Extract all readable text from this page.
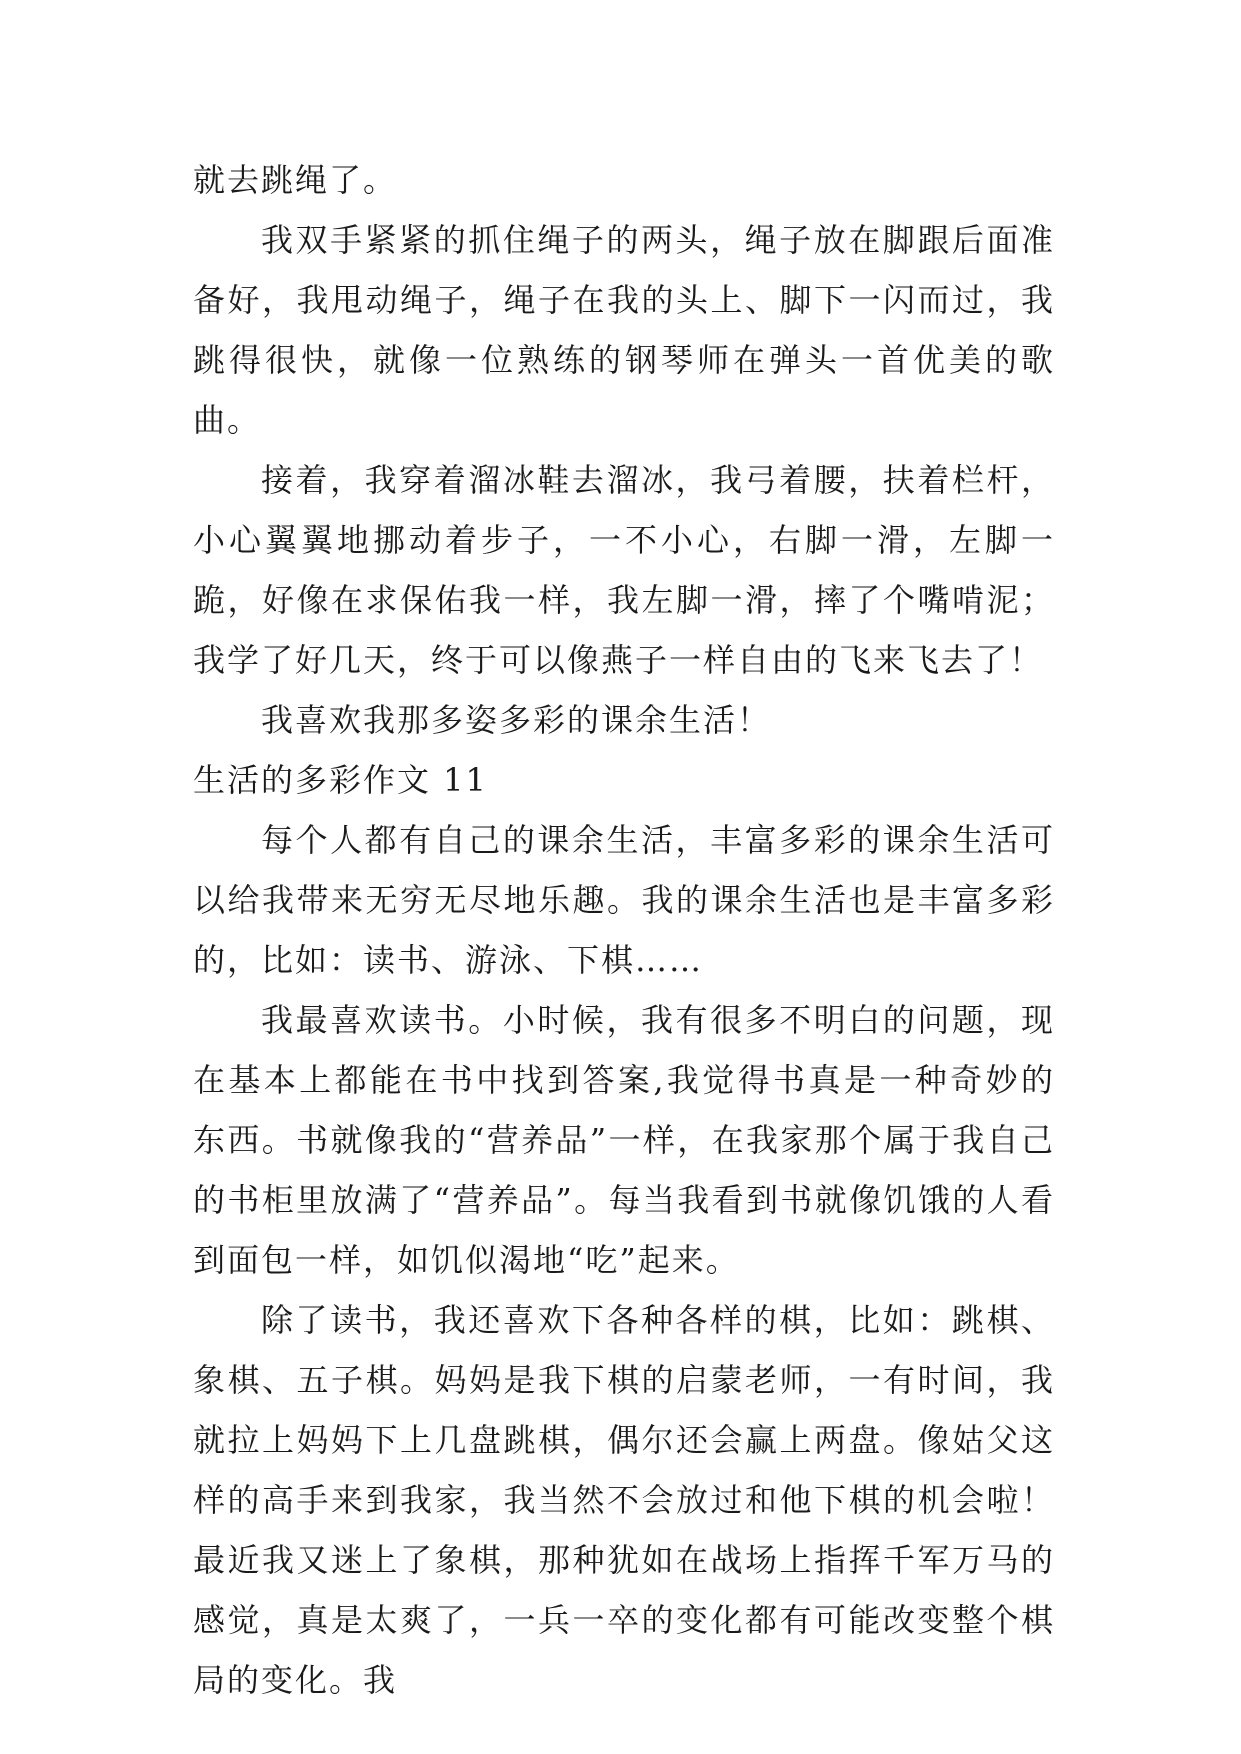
就去跳绳了。

我双手紧紧的抓住绳子的两头，绳子放在脚跟后面准备好，我甩动绳子，绳子在我的头上、脚下一闪而过，我跳得很快，就像一位熟练的钢琴师在弹头一首优美的歌曲。

接着，我穿着溜冰鞋去溜冰，我弓着腰，扶着栏杆，小心翼翼地挪动着步子，一不小心，右脚一滑，左脚一跪，好像在求保佑我一样，我左脚一滑，摔了个嘴啃泥；我学了好几天，终于可以像燕子一样自由的飞来飞去了！

我喜欢我那多姿多彩的课余生活！

生活的多彩作文 11

每个人都有自己的课余生活，丰富多彩的课余生活可以给我带来无穷无尽地乐趣。我的课余生活也是丰富多彩的，比如：读书、游泳、下棋……

我最喜欢读书。小时候，我有很多不明白的问题，现在基本上都能在书中找到答案,我觉得书真是一种奇妙的东西。书就像我的“营养品”一样，在我家那个属于我自己的书柜里放满了“营养品”。每当我看到书就像饥饿的人看到面包一样，如饥似渴地“吃”起来。

除了读书，我还喜欢下各种各样的棋，比如：跳棋、象棋、五子棋。妈妈是我下棋的启蒙老师，一有时间，我就拉上妈妈下上几盘跳棋，偶尔还会赢上两盘。像姑父这样的高手来到我家，我当然不会放过和他下棋的机会啦！最近我又迷上了象棋，那种犹如在战场上指挥千军万马的感觉，真是太爽了，一兵一卒的变化都有可能改变整个棋局的变化。我
